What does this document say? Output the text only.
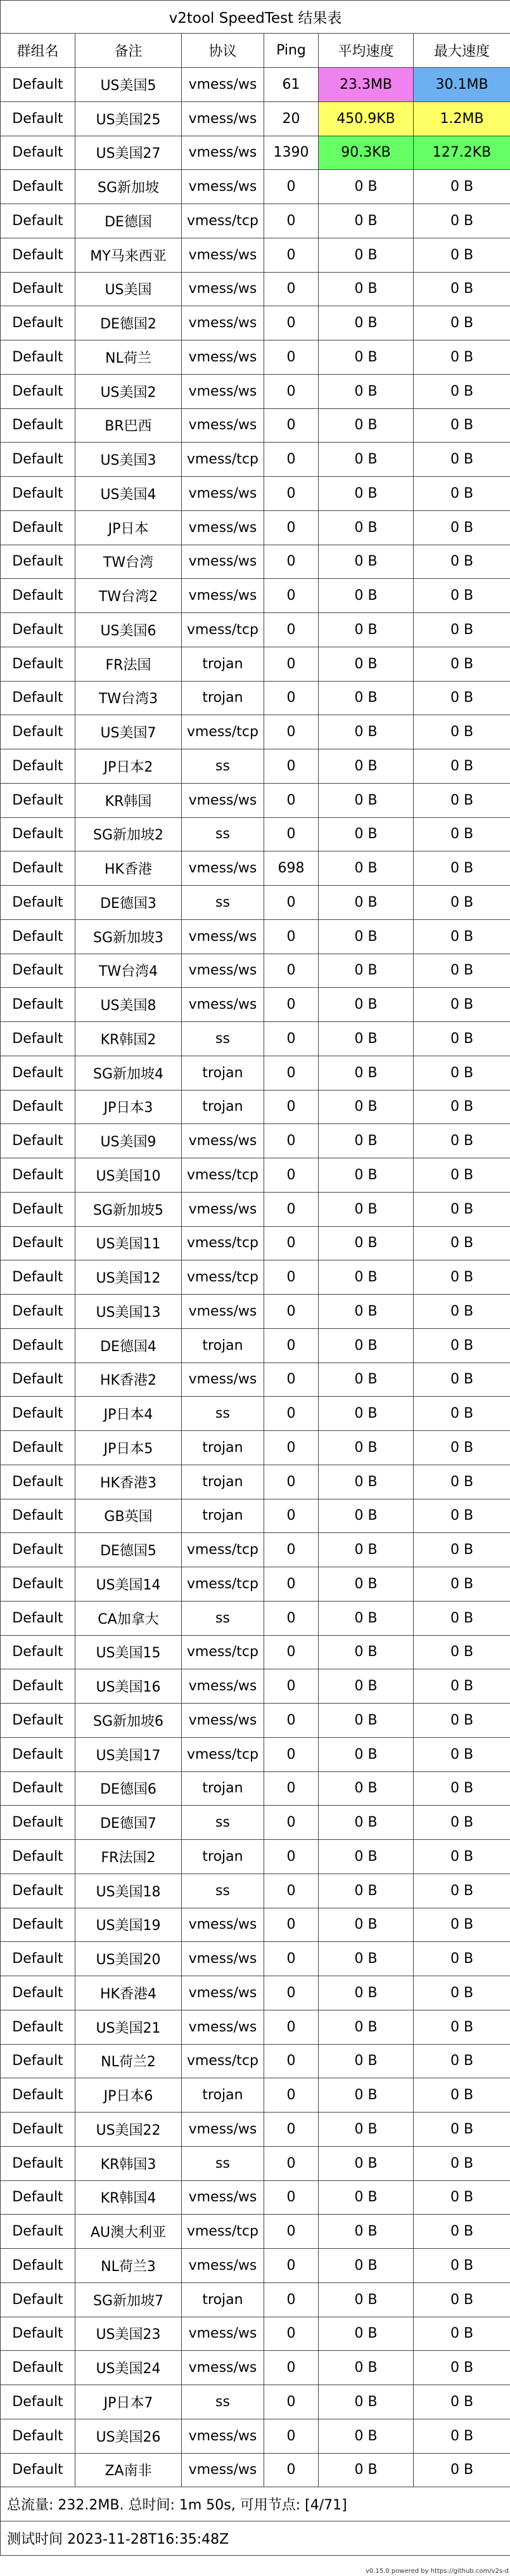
v2tool SpeedTest 结果表					
群组名	备注	协议	Ping	平均速度	最大速度
Default	US美国5	vmess/ws	61	23.3MB	30.1MB
Default	US美国25	vmess/ws	20	450.9KB	1.2MB
Default	US美国27	vmess/ws	1390	90.3KB	127.2KB
Default	SG新加坡	vmess/ws	0	0 B	0 B
Default	DE德国	vmess/tcp	0	0 B	0 B
Default	MY马来西亚	vmess/ws	0	0 B	0 B
Default	US美国	vmess/ws	0	0 B	0 B
Default	DE德国2	vmess/ws	0	0 B	0 B
Default	NL荷兰	vmess/ws	0	0 B	0 B
Default	US美国2	vmess/ws	0	0 B	0 B
Default	BR巴西	vmess/ws	0	0 B	0 B
Default	US美国3	vmess/tcp	0	0 B	0 B
Default	US美国4	vmess/ws	0	0 B	0 B
Default	JP日本	vmess/ws	0	0 B	0 B
Default	TW台湾	vmess/ws	0	0 B	0 B
Default	TW台湾2	vmess/ws	0	0 B	0 B
Default	US美国6	vmess/tcp	0	0 B	0 B
Default	FR法国	trojan	0	0 B	0 B
Default	TW台湾3	trojan	0	0 B	0 B
Default	US美国7	vmess/tcp	0	0 B	0 B
Default	JP日本2	ss	0	0 B	0 B
Default	KR韩国	vmess/ws	0	0 B	0 B
Default	SG新加坡2	ss	0	0 B	0 B
Default	HK香港	vmess/ws	698	0 B	0 B
Default	DE德国3	ss	0	0 B	0 B
Default	SG新加坡3	vmess/ws	0	0 B	0 B
Default	TW台湾4	vmess/ws	0	0 B	0 B
Default	US美国8	vmess/ws	0	0 B	0 B
Default	KR韩国2	ss	0	0 B	0 B
Default	SG新加坡4	trojan	0	0 B	0 B
Default	JP日本3	trojan	0	0 B	0 B
Default	US美国9	vmess/ws	0	0 B	0 B
Default	US美国10	vmess/tcp	0	0 B	0 B
Default	SG新加坡5	vmess/ws	0	0 B	0 B
Default	US美国11	vmess/tcp	0	0 B	0 B
Default	US美国12	vmess/tcp	0	0 B	0 B
Default	US美国13	vmess/ws	0	0 B	0 B
Default	DE德国4	trojan	0	0 B	0 B
Default	HK香港2	vmess/ws	0	0 B	0 B
Default	JP日本4	ss	0	0 B	0 B
Default	JP日本5	trojan	0	0 B	0 B
Default	HK香港3	trojan	0	0 B	0 B
Default	GB英国	trojan	0	0 B	0 B
Default	DE德国5	vmess/tcp	0	0 B	0 B
Default	US美国14	vmess/tcp	0	0 B	0 B
Default	CA加拿大	ss	0	0 B	0 B
Default	US美国15	vmess/tcp	0	0 B	0 B
Default	US美国16	vmess/ws	0	0 B	0 B
Default	SG新加坡6	vmess/ws	0	0 B	0 B
Default	US美国17	vmess/tcp	0	0 B	0 B
Default	DE德国6	trojan	0	0 B	0 B
Default	DE德国7	ss	0	0 B	0 B
Default	FR法国2	trojan	0	0 B	0 B
Default	US美国18	ss	0	0 B	0 B
Default	US美国19	vmess/ws	0	0 B	0 B
Default	US美国20	vmess/ws	0	0 B	0 B
Default	HK香港4	vmess/ws	0	0 B	0 B
Default	US美国21	vmess/ws	0	0 B	0 B
Default	NL荷兰2	vmess/tcp	0	0 B	0 B
Default	JP日本6	trojan	0	0 B	0 B
Default	US美国22	vmess/ws	0	0 B	0 B
Default	KR韩国3	ss	0	0 B	0 B
Default	KR韩国4	vmess/ws	0	0 B	0 B
Default	AU澳大利亚	vmess/tcp	0	0 B	0 B
Default	NL荷兰3	vmess/ws	0	0 B	0 B
Default	SG新加坡7	trojan	0	0 B	0 B
Default	US美国23	vmess/ws	0	0 B	0 B
Default	US美国24	vmess/ws	0	0 B	0 B
Default	JP日本7	ss	0	0 B	0 B
Default	US美国26	vmess/ws	0	0 B	0 B
Default	ZA南非	vmess/ws	0	0 B	0 B
总流量: 232.2MB. 总时间: 1m 50s, 可用节点: [4/71]					
测试时间 2023-11-28T16:35:48Z					
v0.15.0 powered by https://github.com/v2s-d
